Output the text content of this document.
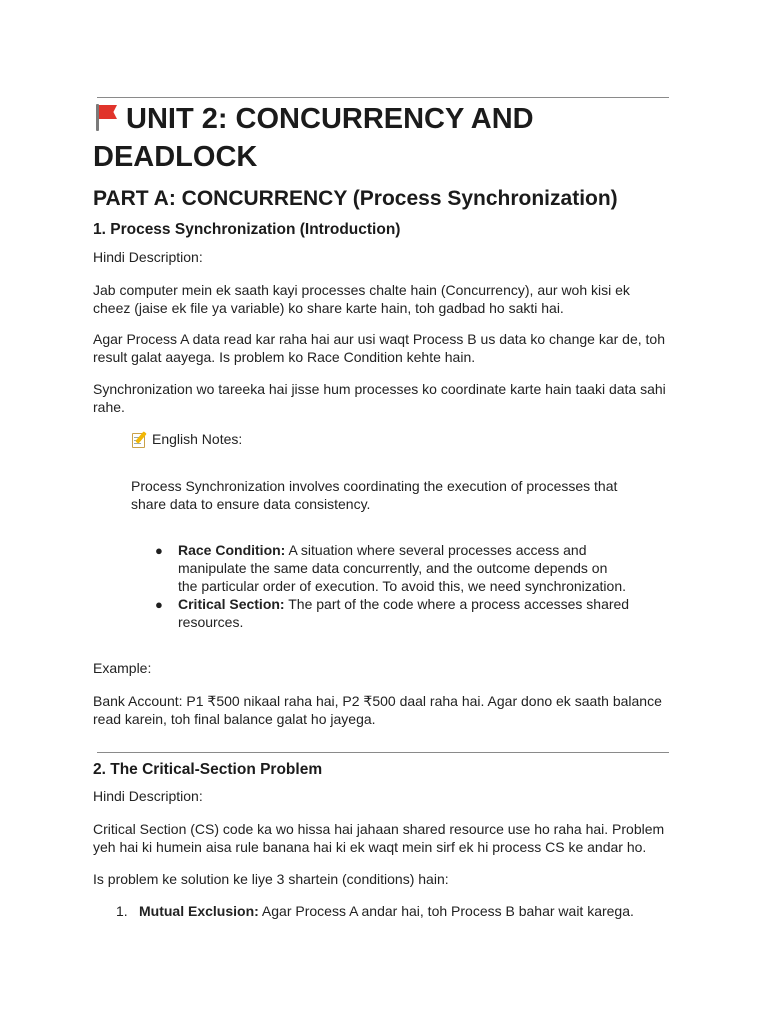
UNIT 2: CONCURRENCY AND
DEADLOCK
PART A: CONCURRENCY (Process Synchronization)
1. Process Synchronization (Introduction)

Hindi Description:

Jab computer mein ek saath kayi processes chalte hain (Concurrency), aur woh kisi ek
cheez (jaise ek file ya variable) ko share karte hain, toh gadbad ho sakti hai.

Agar Process A data read kar raha hai aur usi waqt Process B us data ko change kar de, toh
result galat aayega. Is problem ko Race Condition kehte hain.

Synchronization wo tareeka hai jisse hum processes ko coordinate karte hain taaki data sahi
rahe.

English Notes:

Process Synchronization involves coordinating the execution of processes that
share data to ensure data consistency.

● Race Condition: A situation where several processes access and
manipulate the same data concurrently, and the outcome depends on
the particular order of execution. To avoid this, we need synchronization.

● Critical Section: The part of the code where a process accesses shared
resources.

Example:

Bank Account: P1 ₹500 nikaal raha hai, P2 ₹500 daal raha hai. Agar dono ek saath balance
read karein, toh final balance galat ho jayega.

2. The Critical-Section Problem

Hindi Description:

Critical Section (CS) code ka wo hissa hai jahaan shared resource use ho raha hai. Problem
yeh hai ki humein aisa rule banana hai ki ek waqt mein sirf ek hi process CS ke andar ho.

Is problem ke solution ke liye 3 shartein (conditions) hain:

1. Mutual Exclusion: Agar Process A andar hai, toh Process B bahar wait karega.
